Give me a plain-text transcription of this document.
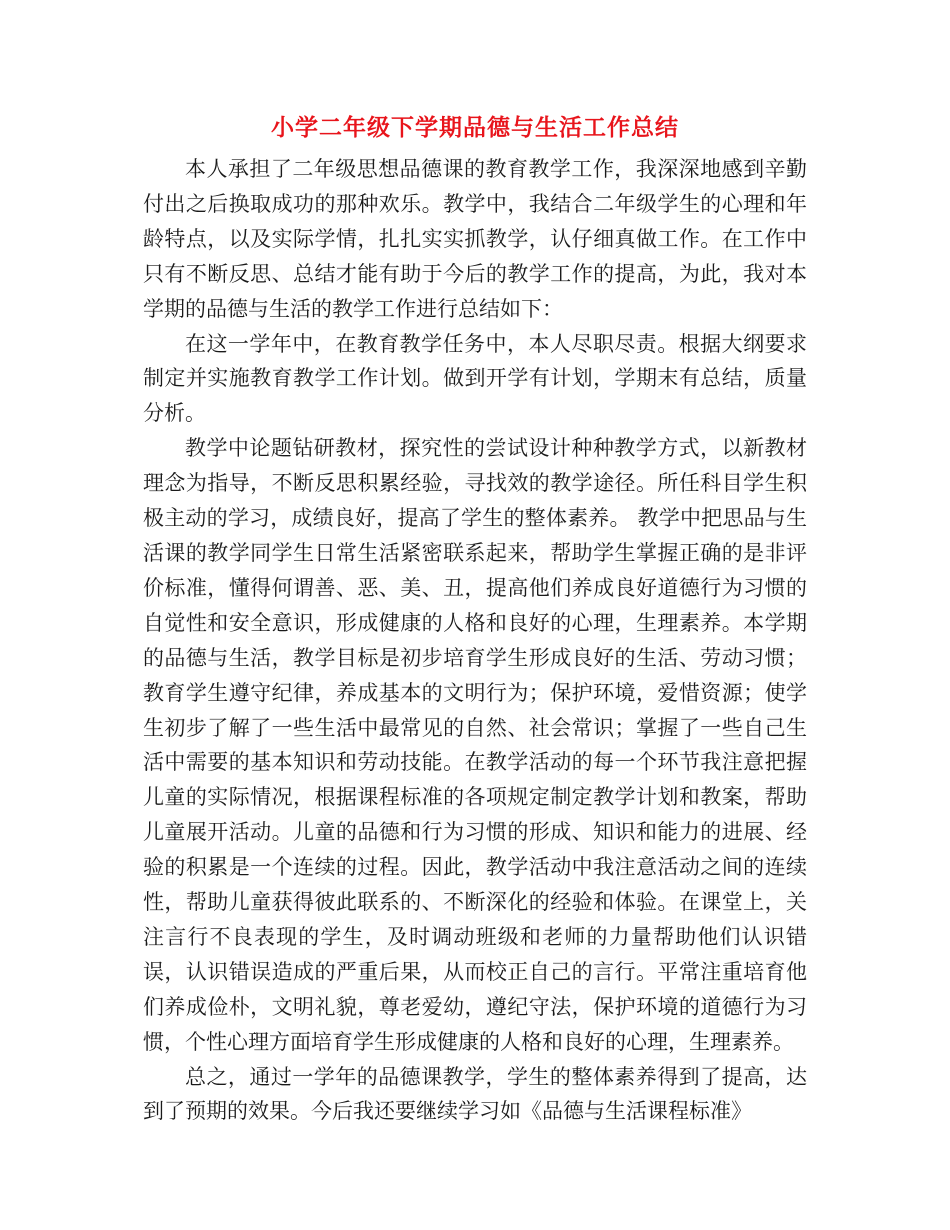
小学二年级下学期品德与生活工作总结

本人承担了二年级思想品德课的教育教学工作，我深深地感到辛勤付出之后换取成功的那种欢乐。教学中，我结合二年级学生的心理和年龄特点，以及实际学情，扎扎实实抓教学，认仔细真做工作。在工作中只有不断反思、总结才能有助于今后的教学工作的提高，为此，我对本学期的品德与生活的教学工作进行总结如下：

在这一学年中，在教育教学任务中，本人尽职尽责。根据大纲要求制定并实施教育教学工作计划。做到开学有计划，学期末有总结，质量分析。

教学中论题钻研教材，探究性的尝试设计种种教学方式，以新教材理念为指导，不断反思积累经验，寻找效的教学途径。所任科目学生积极主动的学习，成绩良好，提高了学生的整体素养。 教学中把思品与生活课的教学同学生日常生活紧密联系起来，帮助学生掌握正确的是非评价标准，懂得何谓善、恶、美、丑，提高他们养成良好道德行为习惯的自觉性和安全意识，形成健康的人格和良好的心理，生理素养。本学期的品德与生活，教学目标是初步培育学生形成良好的生活、劳动习惯；教育学生遵守纪律，养成基本的文明行为；保护环境，爱惜资源；使学生初步了解了一些生活中最常见的自然、社会常识；掌握了一些自己生活中需要的基本知识和劳动技能。在教学活动的每一个环节我注意把握儿童的实际情况，根据课程标准的各项规定制定教学计划和教案，帮助儿童展开活动。儿童的品德和行为习惯的形成、知识和能力的进展、经验的积累是一个连续的过程。因此，教学活动中我注意活动之间的连续性，帮助儿童获得彼此联系的、不断深化的经验和体验。在课堂上，关注言行不良表现的学生，及时调动班级和老师的力量帮助他们认识错误，认识错误造成的严重后果，从而校正自己的言行。平常注重培育他们养成俭朴，文明礼貌，尊老爱幼，遵纪守法，保护环境的道德行为习惯，个性心理方面培育学生形成健康的人格和良好的心理，生理素养。

总之，通过一学年的品德课教学，学生的整体素养得到了提高，达到了预期的效果。今后我还要继续学习如《品德与生活课程标准》
